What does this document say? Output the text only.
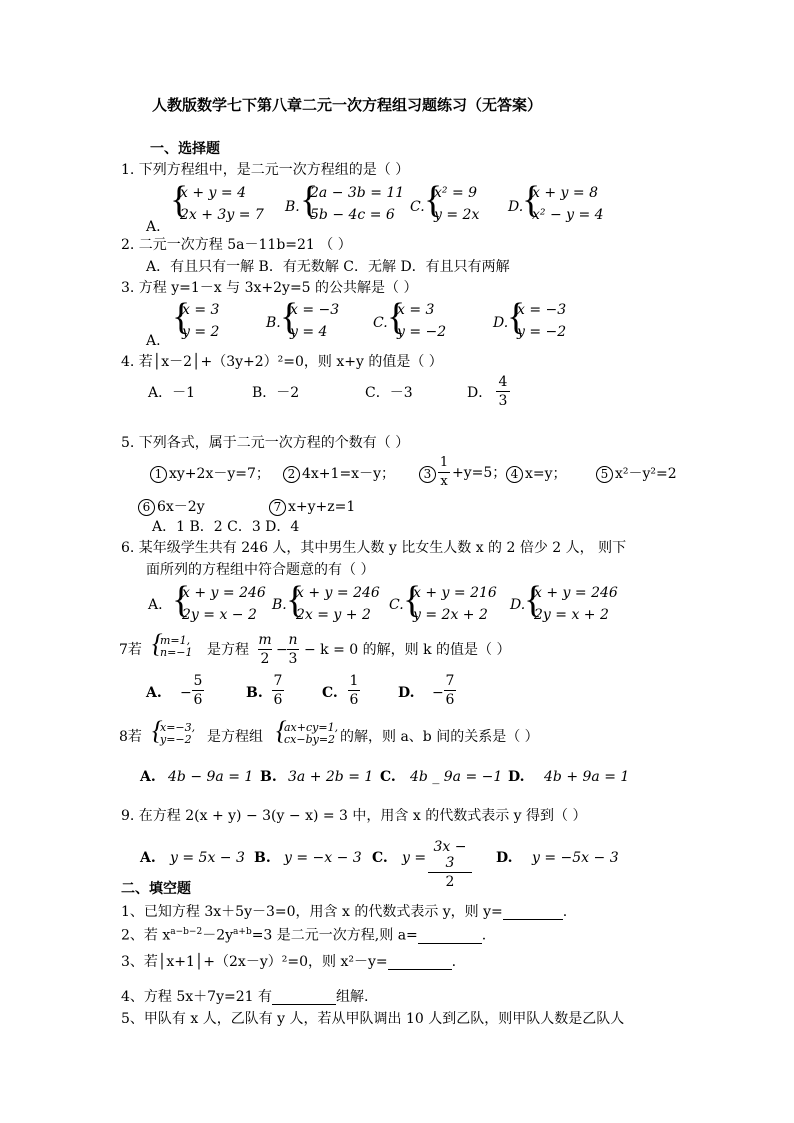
人教版数学七下第八章二元一次方程组习题练习（无答案）
一、选择题
1. 下列方程组中，是二元一次方程组的是（ ）
A.
{
x + y = 4
2x + 3y = 7 B. {
2a − 3b = 11
5b − 4c = 6 C. {
x² = 9
y = 2x D.
{
x + y = 8
x² − y = 4
2. 二元一次方程 5a－11b=21 （ ）
A．有且只有一解 B．有无数解 C．无解 D．有且只有两解
3. 方程 y=1－x 与 3x+2y=5 的公共解是（ ）
A.
{
x = 3
y = 2
B. {
x = −3
y = 4
C. {
x = 3
y = −2
D.
{
x = −3
y = −2
4. 若│x－2│+（3y+2）²=0，则 x+y 的值是（ ）
A．－1	B．－2	C．－3	D．
4
3
5. 下列各式，属于二元一次方程的个数有（ ）
1 xy+2x－y=7；	2 4x+1=x－y；	3
1
x
+y=5； 4 x=y；	5 x²－y²=2
6 6x－2y	7 x+y+z=1
A．1 B．2 C．3 D．4
6. 某年级学生共有 246 人，其中男生人数 y 比女生人数 x 的 2 倍少 2 人， 则下
面所列的方程组中符合题意的有（ ）
A. {
x + y = 246
2y = x − 2
B. {
x + y = 246
2x = y + 2
C. {
x + y = 216
y = 2x + 2
D.
{
x + y = 246
2y = x + 2
7若 {
m=1,
n=−1 是方程
m
2
−
n
3
− k = 0 的解，则 k 的值是（ ）
A. −
5
6	B.
7
6	C.
1
6	D. −
7
6
8若 {
x=−3,
y=−2 是方程组 {
ax+cy=1,
cx−by=2 的解，则 a、b 间的关系是（ ）
A. 4b − 9a = 1 B. 3a + 2b = 1 C. 4b _ 9a = −1 D. 4b + 9a = 1
9. 在方程 2(x + y) − 3(y − x) = 3 中，用含 x 的代数式表示 y 得到（ ）
A. y = 5x − 3 B. y = −x − 3 C. y =
3x − 3
2
D. y = −5x − 3
二、填空题
1、已知方程 3x＋5y－3=0，用含 x 的代数式表示 y，则 y=	.
2、若 $x^{a-b-2}-2y^{a+b}=3$ 是二元一次方程,则 a=	.
3、若│x+1│+（2x－y）²=0，则 x²－y=	.
4、方程 5x＋7y=21 有	组解.
5、甲队有 x 人，乙队有 y 人，若从甲队调出 10 人到乙队，则甲队人数是乙队人
